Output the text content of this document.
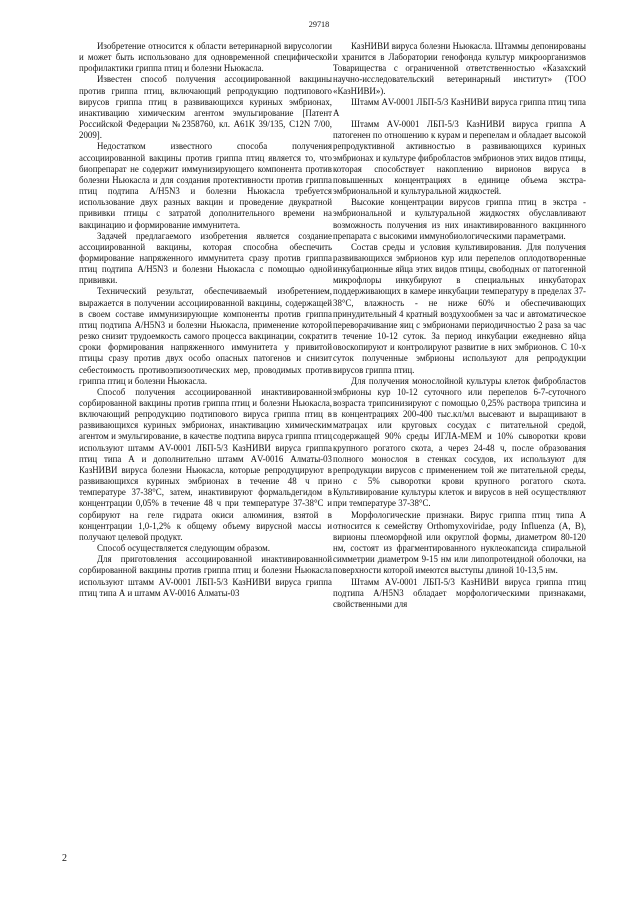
29718

Изобретение относится к области ветеринарной вирусологии и может быть использовано для одновременной специфической профилактики гриппа птиц и болезни Ньюкасла.

Известен способ получения ассоциированной вакцины против гриппа птиц, включающий репродукцию подтипового вирусов гриппа птиц в развивающихся куриных эмбрионах, инактивацию химическим агентом эмульгирование [Патент Российской Федерации №2358760, кл. А61К 39/135, С12N 7/00, 2009].

Недостатком известного способа получения ассоциированной вакцины против гриппа птиц является то, что биопрепарат не содержит иммунизирующего компонента против болезни Ньюкасла и для создания протективности против гриппа птиц подтипа А/Н5N3 и болезни Ньюкасла требуется использование двух разных вакцин и проведение двукратной прививки птицы с затратой дополнительного времени на вакцинацию и формирование иммунитета.

Задачей предлагаемого изобретения является создание ассоциированной вакцины, которая способна обеспечить формирование напряженного иммунитета сразу против гриппа птиц подтипа А/Н5N3 и болезни Ньюкасла с помощью одной прививки.

Технический результат, обеспечиваемый изобретением, выражается в получении ассоциированной вакцины, содержащей в своем составе иммунизирующие компоненты против гриппа птиц подтипа А/Н5N3 и болезни Ньюкасла, применение которой резко снизит трудоемкость самого процесса вакцинации, сократит сроки формирования напряженного иммунитета у привитой птицы сразу против двух особо опасных патогенов и снизит себестоимость противоэпизоотических мер, проводимых против гриппа птиц и болезни Ньюкасла.

Способ получения ассоциированной инактивированной сорбированной вакцины против гриппа птиц и болезни Ньюкасла, включающий репродукцию подтипового вируса гриппа птиц в развивающихся куриных эмбрионах, инактивацию химическим агентом и эмульгирование, в качестве подтипа вируса гриппа птиц используют штамм АV-0001 ЛБП-5/3 КазНИВИ вируса гриппа птиц типа А и дополнительно штамм АV-0016 Алматы-03 КазНИВИ вируса болезни Ньюкасла, которые репродуцируют в развивающихся куриных эмбрионах в течение 48 ч при температуре 37-38°С, затем, инактивируют формальдегидом в концентрации 0,05% в течение 48 ч при температуре 37-38°С и сорбируют на геле гидрата окиси алюминия, взятой в концентрации 1,0-1,2% к общему объему вирусной массы и получают целевой продукт.

Способ осуществляется следующим образом.

Для приготовления ассоциированной инактивированной сорбированной вакцины против гриппа птиц и болезни Ньюкасла используют штамм АV-0001 ЛБП-5/3 КазНИВИ вируса гриппа птиц типа А и штамм АV-0016 Алматы-03

КазНИВИ вируса болезни Ньюкасла. Штаммы депонированы и хранится в Лаборатории генофонда культур микроорганизмов Товарищества с ограниченной ответственностью «Казахский научно-исследовательский ветеринарный институт» (ТОО «КазНИВИ»).

Штамм АV-0001 ЛБП-5/3 КазНИВИ вируса гриппа птиц типа А

Штамм АV-0001 ЛБП-5/3 КазНИВИ вируса гриппа А патогенен по отношению к курам и перепелам и обладает высокой репродуктивной активностью в развивающихся куриных эмбрионах и культуре фибробластов эмбрионов этих видов птицы, которая способствует накоплению вирионов вируса в повышенных концентрациях в единице объема экстра-эмбриональной и культуральной жидкостей.

Высокие концентрации вирусов гриппа птиц в экстра - эмбриональной и культуральной жидкостях обуславливают возможность получения из них инактивированного вакцинного препарата с высокими иммунобиологическими параметрами.

Состав среды и условия культивирования. Для получения развивающихся эмбрионов кур или перепелов оплодотворенные инкубационные яйца этих видов птицы, свободных от патогенной микрофлоры инкубируют в специальных инкубаторах поддерживающих в камере инкубации температуру в пределах 37-38°С, влажность - не ниже 60% и обеспечивающих принудительный 4 кратный воздухообмен за час и автоматическое переворачивание яиц с эмбрионами периодичностью 2 раза за час в течение 10-12 суток. За период инкубации ежедневно яйца овоскопируют и контролируют развитие в них эмбрионов. С 10-х суток полученные эмбрионы используют для репродукции вирусов гриппа птиц.

Для получения монослойной культуры клеток фибробластов эмбрионы кур 10-12 суточного или перепелов 6-7-суточного возраста трипсинизируют с помощью 0,25% раствора трипсина и в концентрациях 200-400 тыс.кл/мл высевают и выращивают в матрацах или круговых сосудах с питательной средой, содержащей 90% среды ИГЛА-МЕМ и 10% сыворотки крови крупного рогатого скота, а через 24-48 ч, после образования полного монослоя в стенках сосудов, их используют для репродукции вирусов с применением той же питательной среды, но с 5% сыворотки крови крупного рогатого скота. Культивирование культуры клеток и вирусов в ней осуществляют при температуре 37-38°С.

Морфологические признаки. Вирус гриппа птиц типа А относится к семейству Orthomyxoviridae, роду Influenza (A, B), вирионы плеоморфной или округлой формы, диаметром 80-120 нм, состоят из фрагментированного нуклеокапсида спиральной симметрии диаметром 9-15 нм или липопротеидной оболочки, на поверхности которой имеются выступы длиной 10-13,5 нм.

Штамм АV-0001 ЛБП-5/3 КазНИВИ вируса гриппа птиц подтипа А/Н5N3 обладает морфологическими признаками, свойственными для

2
